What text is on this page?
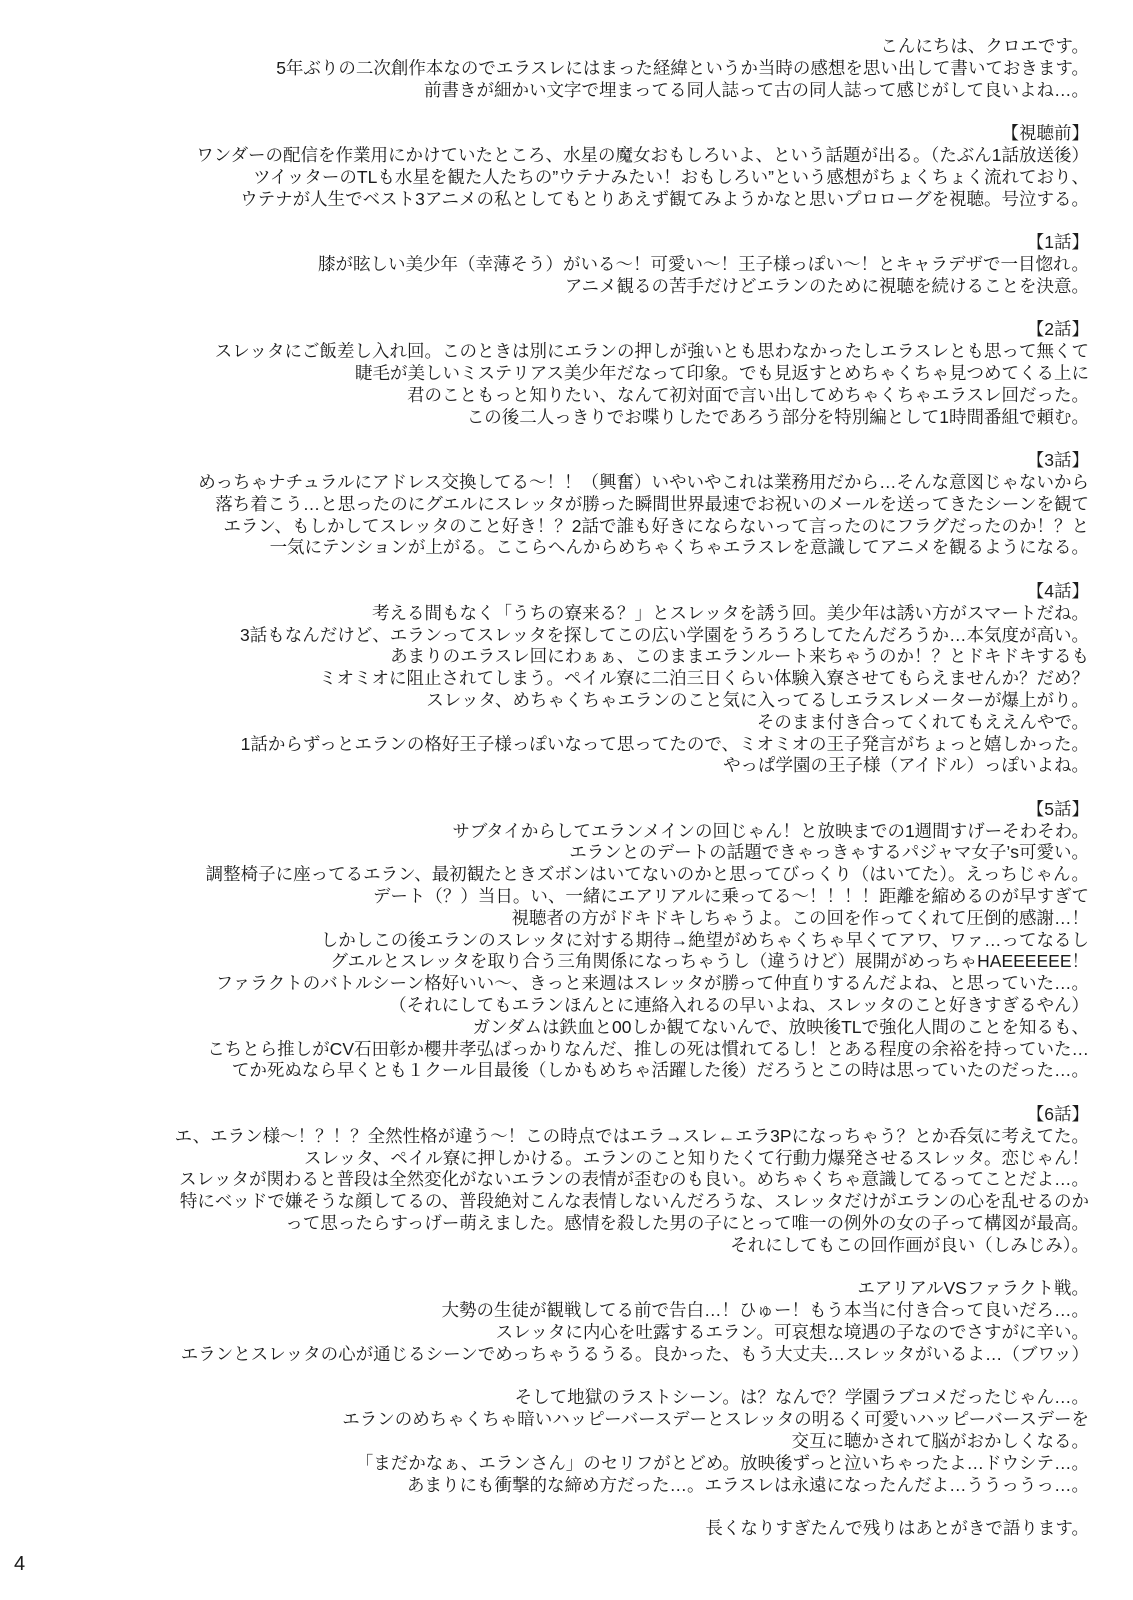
こんにちは、クロエです。
5年ぶりの二次創作本なのでエラスレにはまった経緯というか当時の感想を思い出して書いておきます。
前書きが細かい文字で埋まってる同人誌って古の同人誌って感じがして良いよね…。
【視聴前】
ワンダーの配信を作業用にかけていたところ、水星の魔女おもしろいよ、という話題が出る。（たぶん1話放送後）
ツイッターのTLも水星を観た人たちの”ウテナみたい！おもしろい”という感想がちょくちょく流れており、
ウテナが人生でベスト3アニメの私としてもとりあえず観てみようかなと思いプロローグを視聴。号泣する。
【1話】
膝が眩しい美少年（幸薄そう）がいる～！可愛い～！王子様っぽい～！とキャラデザで一目惚れ。
アニメ観るの苦手だけどエランのために視聴を続けることを決意。
【2話】
スレッタにご飯差し入れ回。このときは別にエランの押しが強いとも思わなかったしエラスレとも思って無くて
睫毛が美しいミステリアス美少年だなって印象。でも見返すとめちゃくちゃ見つめてくる上に
君のこともっと知りたい、なんて初対面で言い出してめちゃくちゃエラスレ回だった。
この後二人っきりでお喋りしたであろう部分を特別編として1時間番組で頼む。
【3話】
めっちゃナチュラルにアドレス交換してる～！！（興奮）いやいやこれは業務用だから…そんな意図じゃないから
落ち着こう…と思ったのにグエルにスレッタが勝った瞬間世界最速でお祝いのメールを送ってきたシーンを観て
エラン、もしかしてスレッタのこと好き！？2話で誰も好きにならないって言ったのにフラグだったのか！？と
一気にテンションが上がる。ここらへんからめちゃくちゃエラスレを意識してアニメを観るようになる。
【4話】
考える間もなく「うちの寮来る？」とスレッタを誘う回。美少年は誘い方がスマートだね。
3話もなんだけど、エランってスレッタを探してこの広い学園をうろうろしてたんだろうか…本気度が高い。
あまりのエラスレ回にわぁぁ、このままエランルート来ちゃうのか！？とドキドキするも
ミオミオに阻止されてしまう。ペイル寮に二泊三日くらい体験入寮させてもらえませんか？だめ？
スレッタ、めちゃくちゃエランのこと気に入ってるしエラスレメーターが爆上がり。
そのまま付き合ってくれてもええんやで。
1話からずっとエランの格好王子様っぽいなって思ってたので、ミオミオの王子発言がちょっと嬉しかった。
やっぱ学園の王子様（アイドル）っぽいよね。
【5話】
サブタイからしてエランメインの回じゃん！と放映までの1週間すげーそわそわ。
エランとのデートの話題できゃっきゃするパジャマ女子’s可愛い。
調整椅子に座ってるエラン、最初観たときズボンはいてないのかと思ってびっくり（はいてた）。えっちじゃん。
デート（？）当日。い、一緒にエアリアルに乗ってる～！！！！距離を縮めるのが早すぎて
視聴者の方がドキドキしちゃうよ。この回を作ってくれて圧倒的感謝…！
しかしこの後エランのスレッタに対する期待→絶望がめちゃくちゃ早くてアワ、ワァ…ってなるし
グエルとスレッタを取り合う三角関係になっちゃうし（違うけど）展開がめっちゃHAEEEEEE！
ファラクトのバトルシーン格好いい～、きっと来週はスレッタが勝って仲直りするんだよね、と思っていた…。
（それにしてもエランほんとに連絡入れるの早いよね、スレッタのこと好きすぎるやん）
ガンダムは鉄血と00しか観てないんで、放映後TLで強化人間のことを知るも、
こちとら推しがCV石田彰か櫻井孝弘ばっかりなんだ、推しの死は慣れてるし！とある程度の余裕を持っていた…
てか死ぬなら早くとも１クール目最後（しかもめちゃ活躍した後）だろうとこの時は思っていたのだった…。
【6話】
エ、エラン様～！？！？全然性格が違う～！この時点ではエラ→スレ←エラ3Pになっちゃう？とか呑気に考えてた。
スレッタ、ペイル寮に押しかける。エランのこと知りたくて行動力爆発させるスレッタ。恋じゃん！
スレッタが関わると普段は全然変化がないエランの表情が歪むのも良い。めちゃくちゃ意識してるってことだよ…。
特にベッドで嫌そうな顔してるの、普段絶対こんな表情しないんだろうな、スレッタだけがエランの心を乱せるのか
って思ったらすっげー萌えました。感情を殺した男の子にとって唯一の例外の女の子って構図が最高。
それにしてもこの回作画が良い（しみじみ）。
エアリアルVSファラクト戦。
大勢の生徒が観戦してる前で告白…！ひゅー！もう本当に付き合って良いだろ…。
スレッタに内心を吐露するエラン。可哀想な境遇の子なのでさすがに辛い。
エランとスレッタの心が通じるシーンでめっちゃうるうる。良かった、もう大丈夫…スレッタがいるよ…（ブワッ）
そして地獄のラストシーン。は？なんで？学園ラブコメだったじゃん…。
エランのめちゃくちゃ暗いハッピーバースデーとスレッタの明るく可愛いハッピーバースデーを
交互に聴かされて脳がおかしくなる。
「まだかなぁ、エランさん」のセリフがとどめ。放映後ずっと泣いちゃったよ…ドウシテ…。
あまりにも衝撃的な締め方だった…。エラスレは永遠になったんだよ…ううっうっ…。
長くなりすぎたんで残りはあとがきで語ります。
4
